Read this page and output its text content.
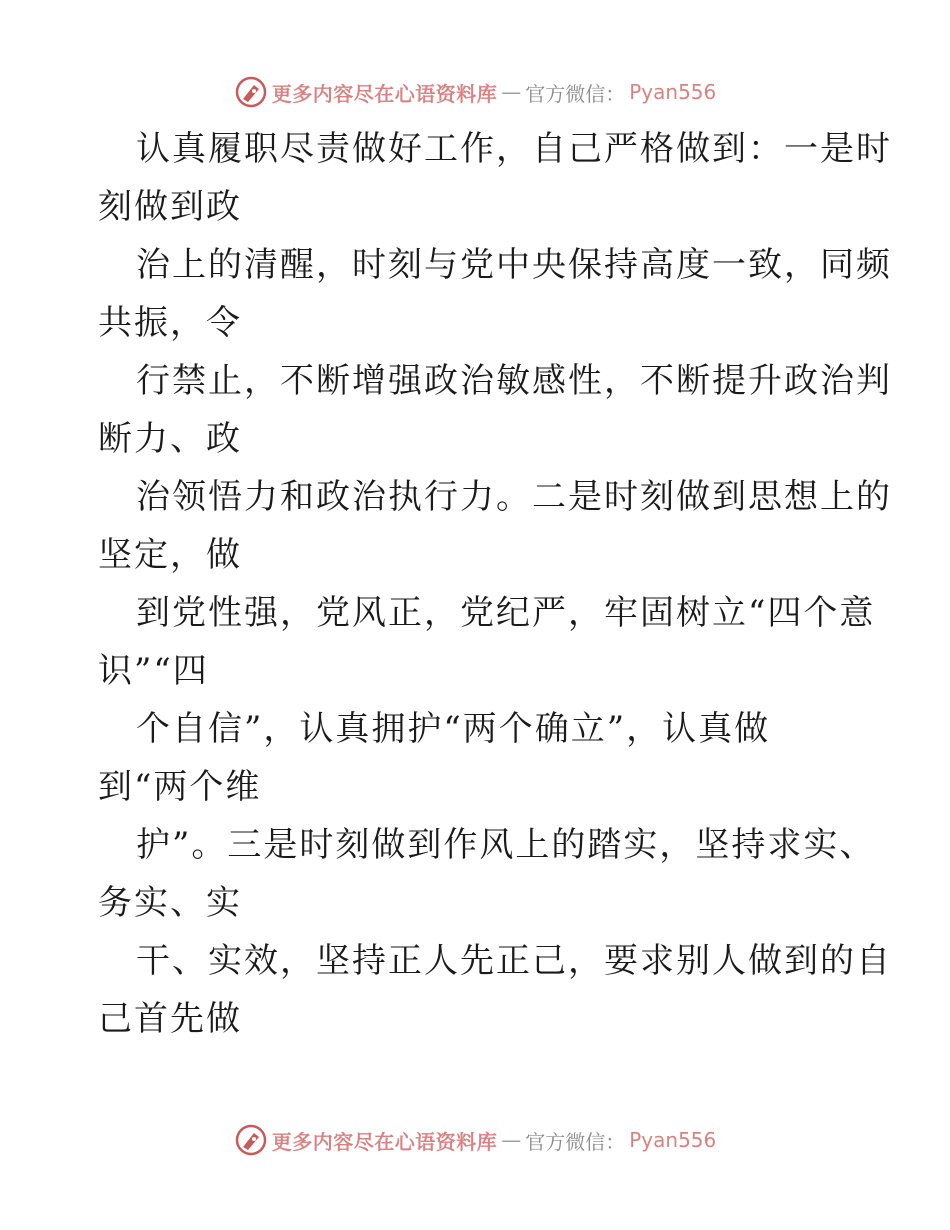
更多内容尽在心语资料库 — 官方微信： Pyan556
认真履职尽责做好工作，自己严格做到：一是时
刻做到政
治上的清醒，时刻与党中央保持高度一致，同频
共振，令
行禁止，不断增强政治敏感性，不断提升政治判
断力、政
治领悟力和政治执行力。二是时刻做到思想上的
坚定，做
到党性强，党风正，党纪严，牢固树立“四个意
识”“四
个自信”，认真拥护“两个确立”，认真做
到“两个维
护”。三是时刻做到作风上的踏实，坚持求实、
务实、实
干、实效，坚持正人先正己，要求别人做到的自
己首先做
更多内容尽在心语资料库 — 官方微信： Pyan556
